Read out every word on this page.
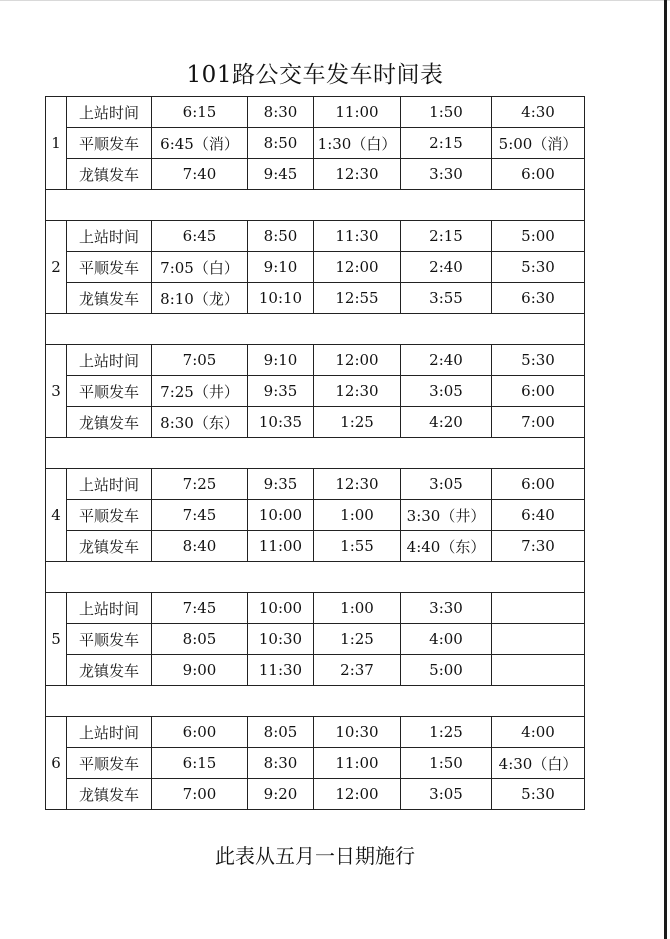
101路公交车发车时间表
1	上站时间	6:15	8:30	11:00	1:50	4:30
	平顺发车	6:45（消）	8:50	1:30（白）	2:15	5:00（消）
	龙镇发车	7:40	9:45	12:30	3:30	6:00

2	上站时间	6:45	8:50	11:30	2:15	5:00
	平顺发车	7:05（白）	9:10	12:00	2:40	5:30
	龙镇发车	8:10（龙）	10:10	12:55	3:55	6:30

3	上站时间	7:05	9:10	12:00	2:40	5:30
	平顺发车	7:25（井）	9:35	12:30	3:05	6:00
	龙镇发车	8:30（东）	10:35	1:25	4:20	7:00

4	上站时间	7:25	9:35	12:30	3:05	6:00
	平顺发车	7:45	10:00	1:00	3:30（井）	6:40
	龙镇发车	8:40	11:00	1:55	4:40（东）	7:30

5	上站时间	7:45	10:00	1:00	3:30	
	平顺发车	8:05	10:30	1:25	4:00	
	龙镇发车	9:00	11:30	2:37	5:00	

6	上站时间	6:00	8:05	10:30	1:25	4:00
	平顺发车	6:15	8:30	11:00	1:50	4:30（白）
	龙镇发车	7:00	9:20	12:00	3:05	5:30
此表从五月一日期施行
